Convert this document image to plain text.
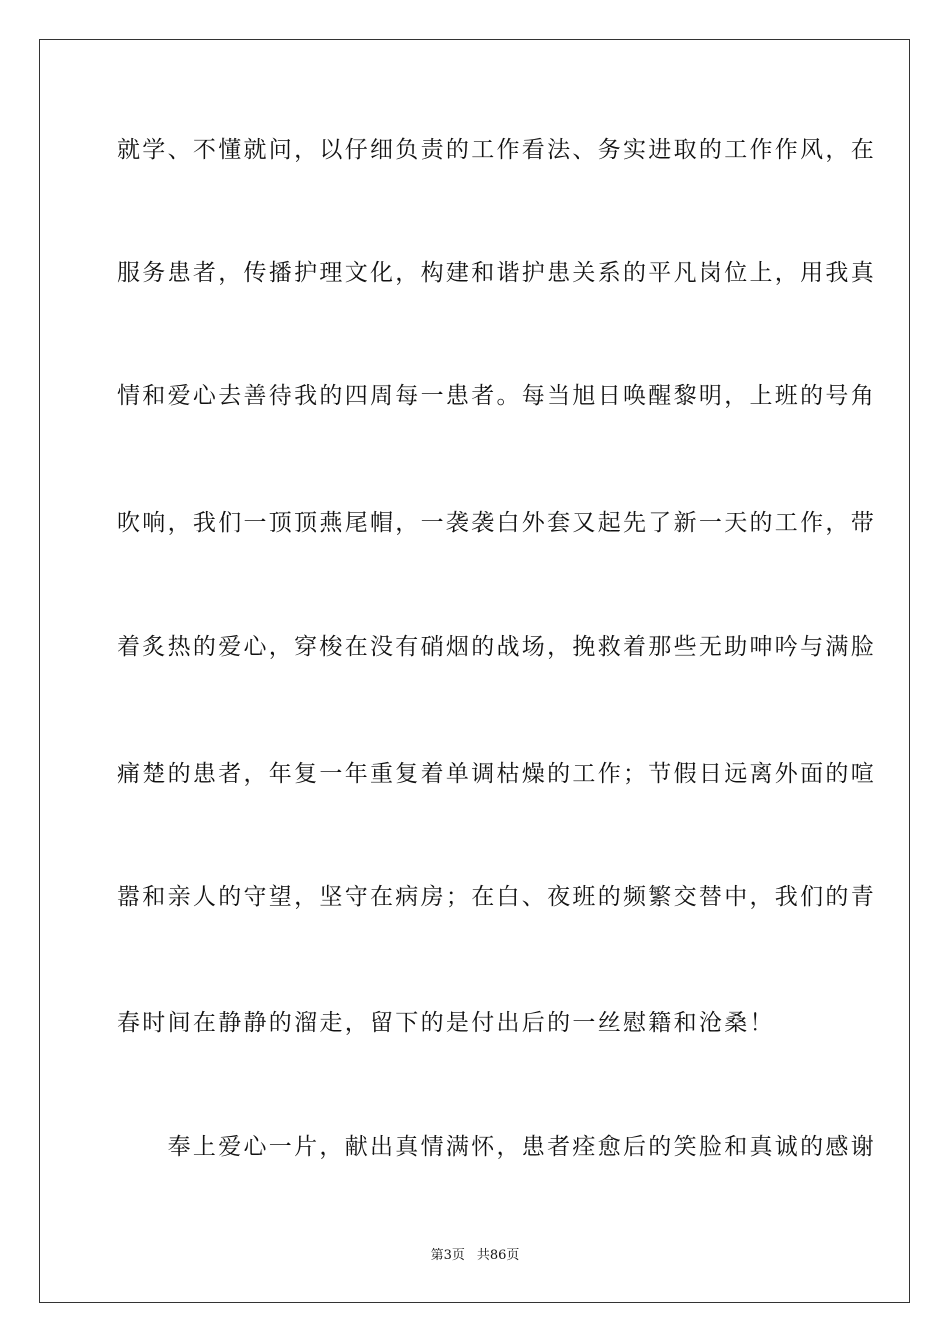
就学、不懂就问，以仔细负责的工作看法、务实进取的工作作风，在
服务患者，传播护理文化，构建和谐护患关系的平凡岗位上，用我真
情和爱心去善待我的四周每一患者。每当旭日唤醒黎明，上班的号角
吹响，我们一顶顶燕尾帽，一袭袭白外套又起先了新一天的工作，带
着炙热的爱心，穿梭在没有硝烟的战场，挽救着那些无助呻吟与满脸
痛楚的患者，年复一年重复着单调枯燥的工作；节假日远离外面的喧
嚣和亲人的守望，坚守在病房；在白、夜班的频繁交替中，我们的青
春时间在静静的溜走，留下的是付出后的一丝慰籍和沧桑！
　　奉上爱心一片，献出真情满怀，患者痊愈后的笑脸和真诚的感谢
第3页 共86页
